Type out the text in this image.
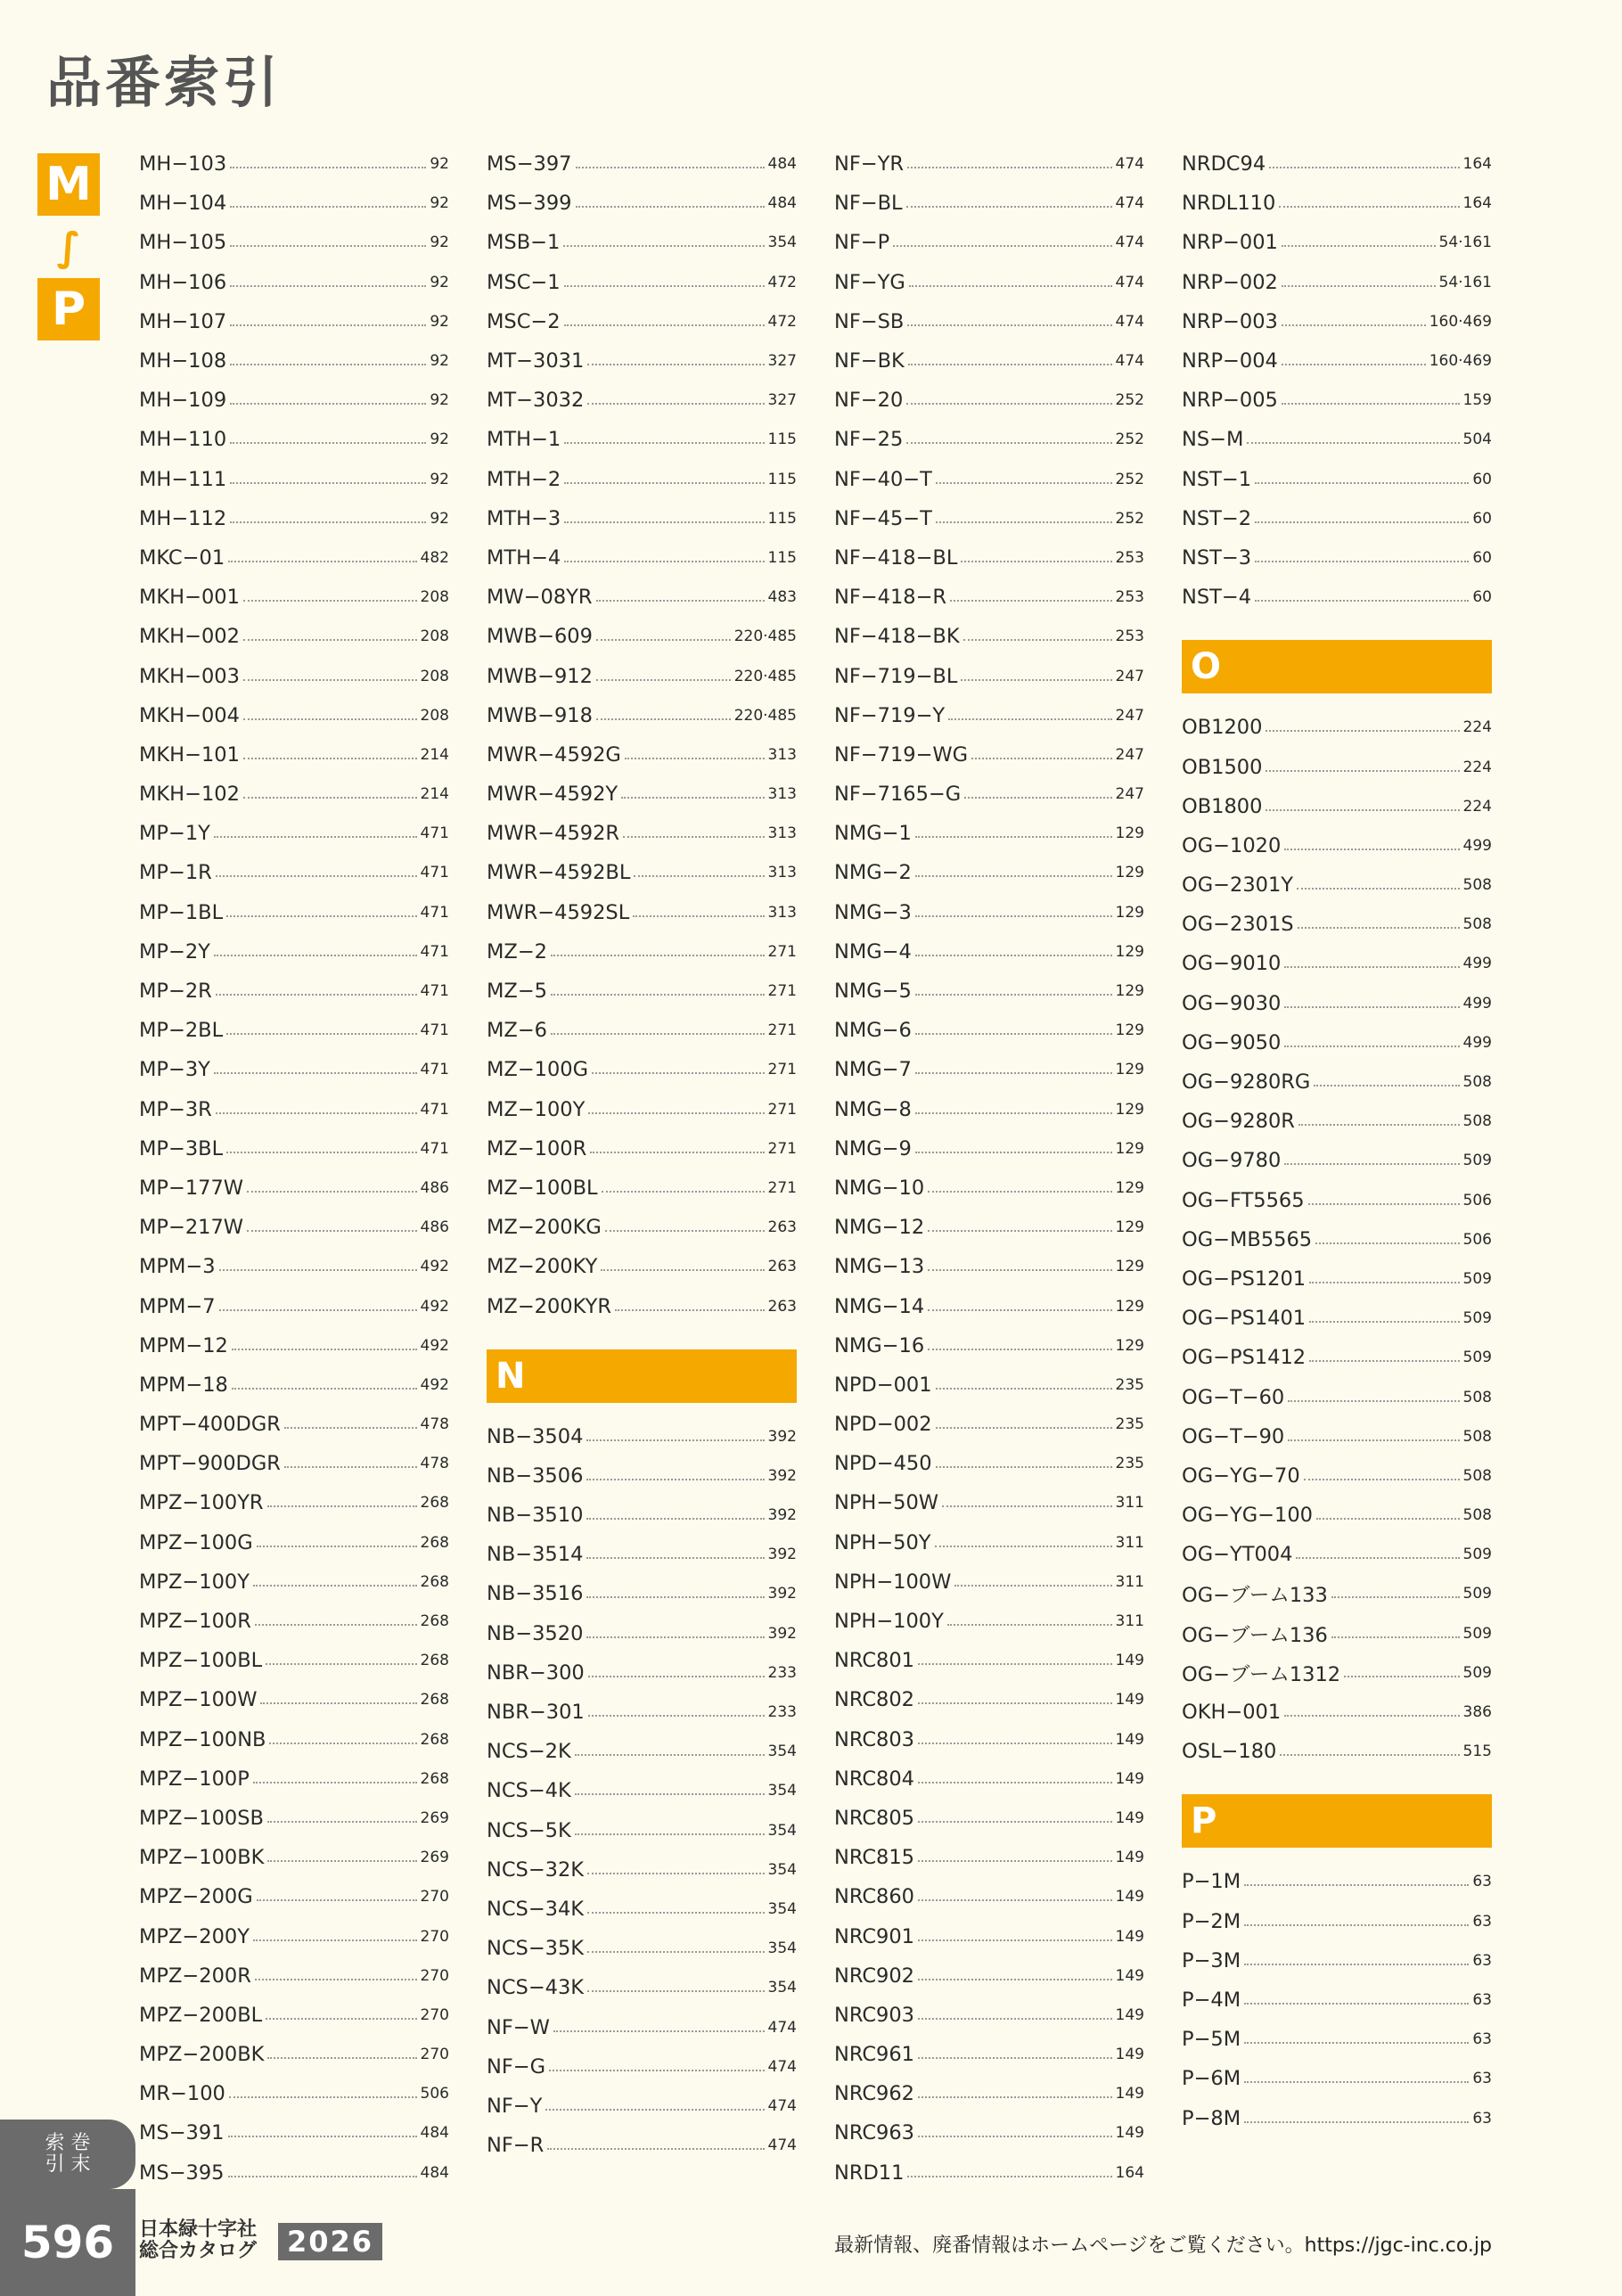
品番索引
M
∫
P
MH−103	92
MH−104	92
MH−105	92
MH−106	92
MH−107	92
MH−108	92
MH−109	92
MH−110	92
MH−111	92
MH−112	92
MKC−01	482
MKH−001	208
MKH−002	208
MKH−003	208
MKH−004	208
MKH−101	214
MKH−102	214
MP−1Y	471
MP−1R	471
MP−1BL	471
MP−2Y	471
MP−2R	471
MP−2BL	471
MP−3Y	471
MP−3R	471
MP−3BL	471
MP−177W	486
MP−217W	486
MPM−3	492
MPM−7	492
MPM−12	492
MPM−18	492
MPT−400DGR	478
MPT−900DGR	478
MPZ−100YR	268
MPZ−100G	268
MPZ−100Y	268
MPZ−100R	268
MPZ−100BL	268
MPZ−100W	268
MPZ−100NB	268
MPZ−100P	268
MPZ−100SB	269
MPZ−100BK	269
MPZ−200G	270
MPZ−200Y	270
MPZ−200R	270
MPZ−200BL	270
MPZ−200BK	270
MR−100	506
MS−391	484
MS−395	484
MS−397	484
MS−399	484
MSB−1	354
MSC−1	472
MSC−2	472
MT−3031	327
MT−3032	327
MTH−1	115
MTH−2	115
MTH−3	115
MTH−4	115
MW−08YR	483
MWB−609	220·485
MWB−912	220·485
MWB−918	220·485
MWR−4592G	313
MWR−4592Y	313
MWR−4592R	313
MWR−4592BL	313
MWR−4592SL	313
MZ−2	271
MZ−5	271
MZ−6	271
MZ−100G	271
MZ−100Y	271
MZ−100R	271
MZ−100BL	271
MZ−200KG	263
MZ−200KY	263
MZ−200KYR	263
N
NB−3504	392
NB−3506	392
NB−3510	392
NB−3514	392
NB−3516	392
NB−3520	392
NBR−300	233
NBR−301	233
NCS−2K	354
NCS−4K	354
NCS−5K	354
NCS−32K	354
NCS−34K	354
NCS−35K	354
NCS−43K	354
NF−W	474
NF−G	474
NF−Y	474
NF−R	474
NF−YR	474
NF−BL	474
NF−P	474
NF−YG	474
NF−SB	474
NF−BK	474
NF−20	252
NF−25	252
NF−40−T	252
NF−45−T	252
NF−418−BL	253
NF−418−R	253
NF−418−BK	253
NF−719−BL	247
NF−719−Y	247
NF−719−WG	247
NF−7165−G	247
NMG−1	129
NMG−2	129
NMG−3	129
NMG−4	129
NMG−5	129
NMG−6	129
NMG−7	129
NMG−8	129
NMG−9	129
NMG−10	129
NMG−12	129
NMG−13	129
NMG−14	129
NMG−16	129
NPD−001	235
NPD−002	235
NPD−450	235
NPH−50W	311
NPH−50Y	311
NPH−100W	311
NPH−100Y	311
NRC801	149
NRC802	149
NRC803	149
NRC804	149
NRC805	149
NRC815	149
NRC860	149
NRC901	149
NRC902	149
NRC903	149
NRC961	149
NRC962	149
NRC963	149
NRD11	164
NRDC94	164
NRDL110	164
NRP−001	54·161
NRP−002	54·161
NRP−003	160·469
NRP−004	160·469
NRP−005	159
NS−M	504
NST−1	60
NST−2	60
NST−3	60
NST−4	60
O
OB1200	224
OB1500	224
OB1800	224
OG−1020	499
OG−2301Y	508
OG−2301S	508
OG−9010	499
OG−9030	499
OG−9050	499
OG−9280RG	508
OG−9280R	508
OG−9780	509
OG−FT5565	506
OG−MB5565	506
OG−PS1201	509
OG−PS1401	509
OG−PS1412	509
OG−T−60	508
OG−T−90	508
OG−YG−70	508
OG−YG−100	508
OG−YT004	509
OG−ブーム133	509
OG−ブーム136	509
OG−ブーム1312	509
OKH−001	386
OSL−180	515
P
P−1M	63
P−2M	63
P−3M	63
P−4M	63
P−5M	63
P−6M	63
P−8M	63
索 巻
引 末
596	日本緑十字社
総合カタログ	2026	最新情報、廃番情報はホームページをご覧ください。https://jgc-inc.co.jp
